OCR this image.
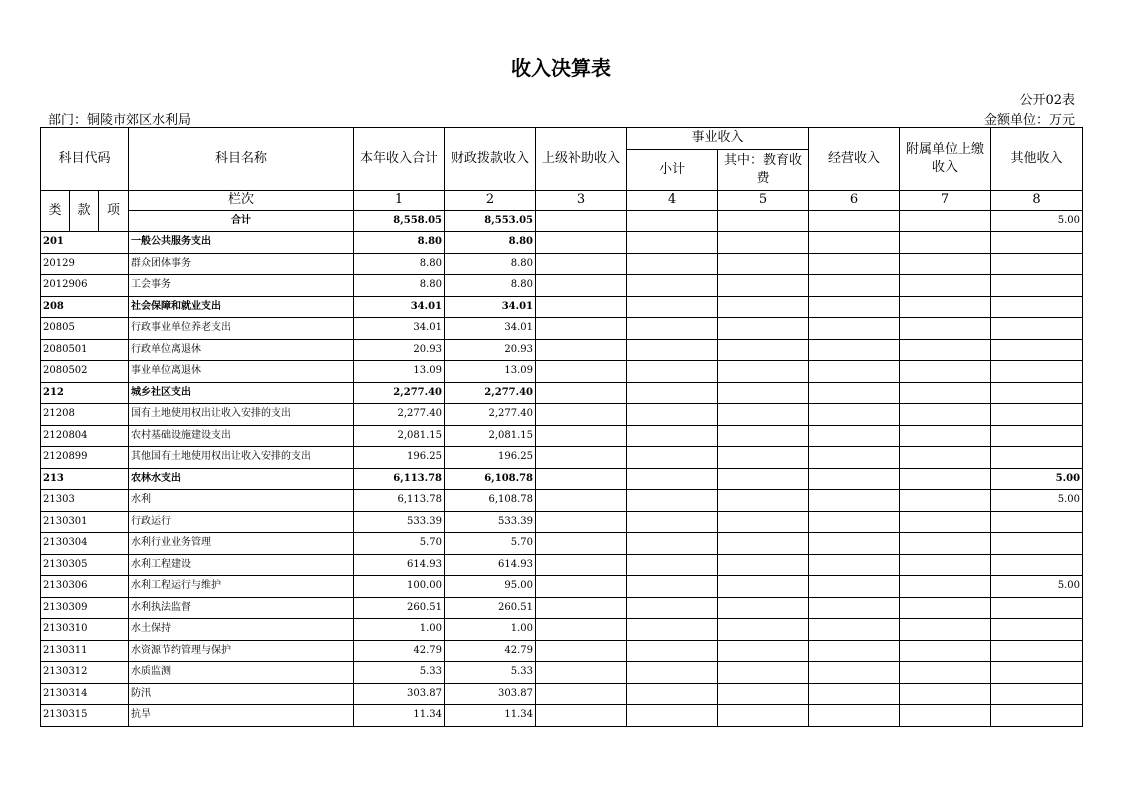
收入决算表
公开02表
部门：铜陵市郊区水利局	金额单位：万元
科目代码			科目名称	本年收入合计	财政拨款收入	上级补助收入	事业收入		经营收入	附属单位上缴收入	其他收入
							小计	其中：教育收费			
类	款	项	栏次	1	2	3	4	5	6	7	8
			合计	8,558.05	8,553.05						5.00
201			一般公共服务支出	8.80	8.80						
20129			群众团体事务	8.80	8.80						
2012906			工会事务	8.80	8.80						
208			社会保障和就业支出	34.01	34.01						
20805			行政事业单位养老支出	34.01	34.01						
2080501			行政单位离退休	20.93	20.93						
2080502			事业单位离退休	13.09	13.09						
212			城乡社区支出	2,277.40	2,277.40						
21208			国有土地使用权出让收入安排的支出	2,277.40	2,277.40						
2120804			农村基础设施建设支出	2,081.15	2,081.15						
2120899			其他国有土地使用权出让收入安排的支出	196.25	196.25						
213			农林水支出	6,113.78	6,108.78						5.00
21303			水利	6,113.78	6,108.78						5.00
2130301			行政运行	533.39	533.39						
2130304			水利行业业务管理	5.70	5.70						
2130305			水利工程建设	614.93	614.93						
2130306			水利工程运行与维护	100.00	95.00						5.00
2130309			水利执法监督	260.51	260.51						
2130310			水土保持	1.00	1.00						
2130311			水资源节约管理与保护	42.79	42.79						
2130312			水质监测	5.33	5.33						
2130314			防汛	303.87	303.87						
2130315			抗旱	11.34	11.34						
